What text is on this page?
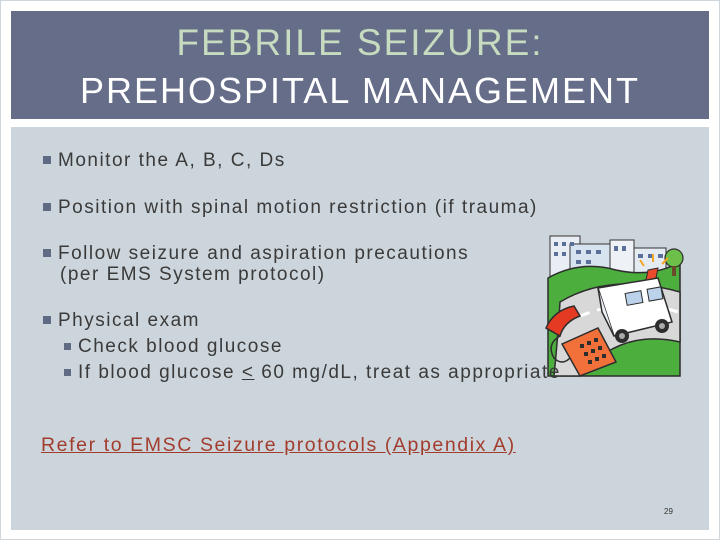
FEBRILE SEIZURE:
PREHOSPITAL MANAGEMENT
Monitor the A, B, C, Ds
Position with spinal motion restriction (if trauma)
Follow seizure and aspiration precautions
(per EMS System protocol)
Physical exam
Check blood glucose
If blood glucose < 60 mg/dL, treat as appropriate
Refer to EMSC Seizure protocols (Appendix A)
29
